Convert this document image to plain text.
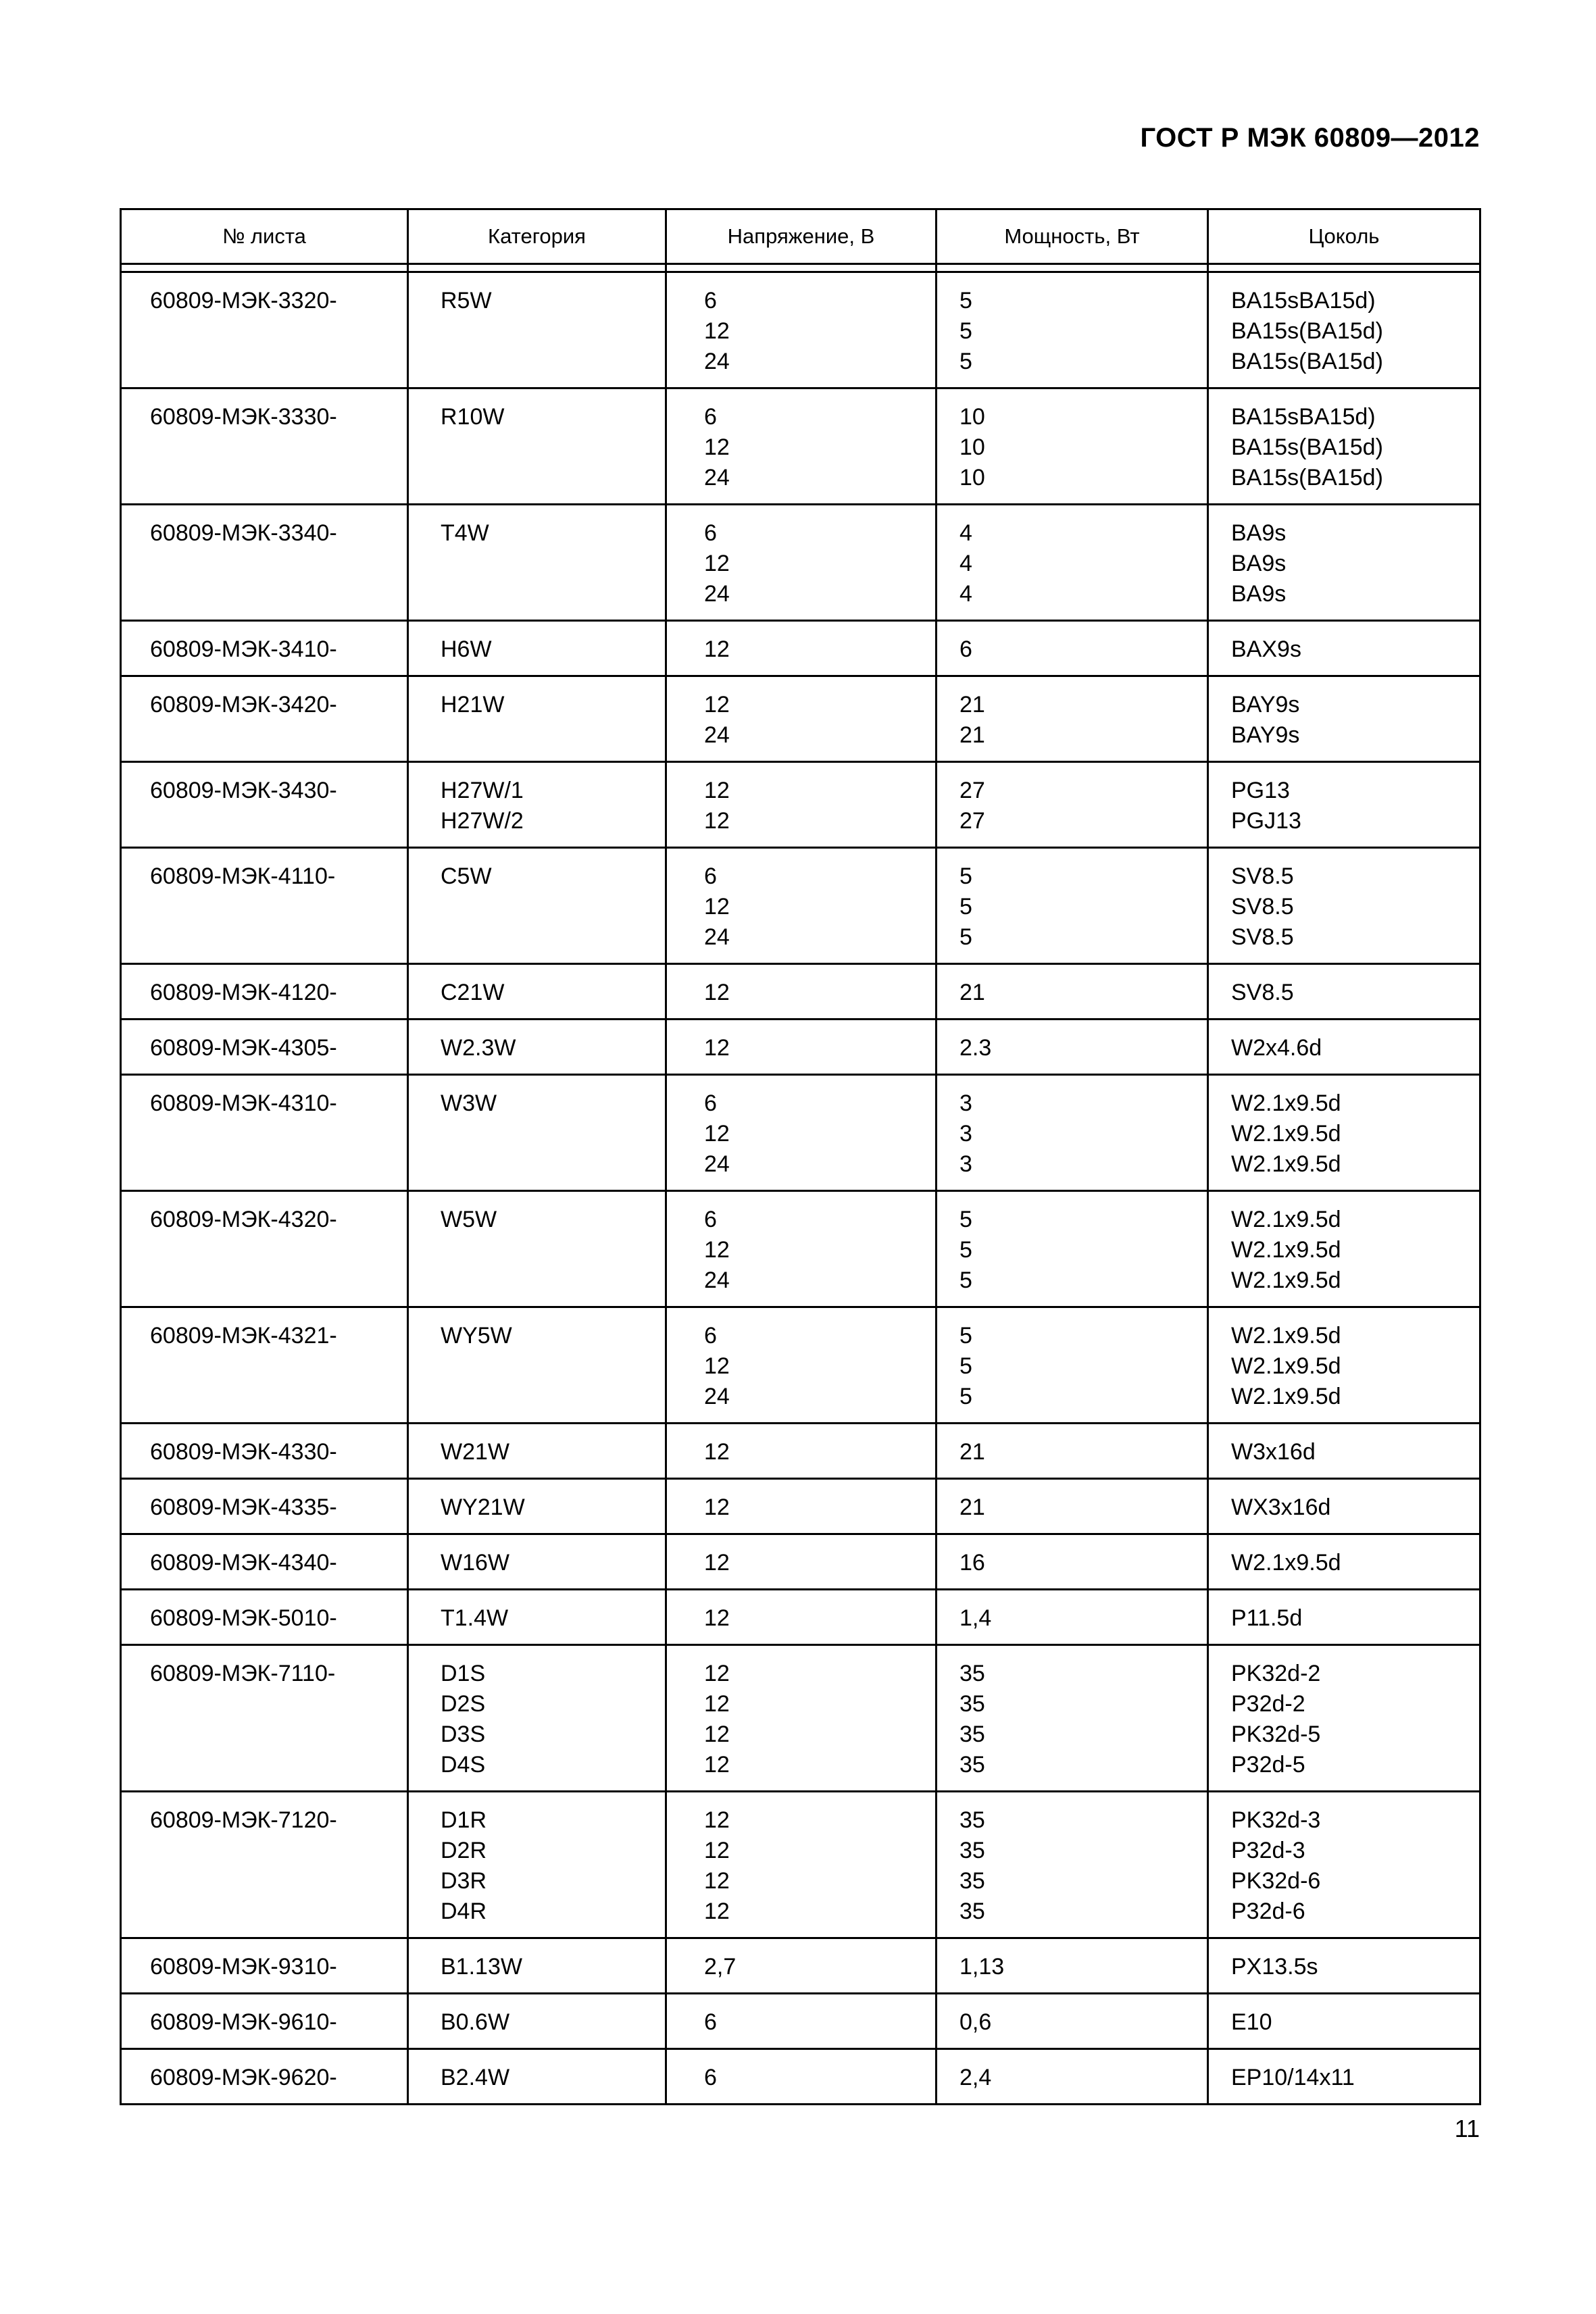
ГОСТ Р МЭК 60809—2012
№ листа	Категория	Напряжение, В	Мощность, Вт	Цоколь

60809-МЭК-3320-	R5W	6
12
24	5
5
5	BA15sBA15d)
BA15s(BA15d)
BA15s(BA15d)

60809-МЭК-3330-	R10W	6
12
24	10
10
10	BA15sBA15d)
BA15s(BA15d)
BA15s(BA15d)

60809-МЭК-3340-	T4W	6
12
24	4
4
4	BA9s
BA9s
BA9s

60809-МЭК-3410-	H6W	12	6	BAX9s

60809-МЭК-3420-	H21W	12
24	21
21	BAY9s
BAY9s

60809-МЭК-3430-	H27W/1
H27W/2	12
12	27
27	PG13
PGJ13

60809-МЭК-4110-	C5W	6
12
24	5
5
5	SV8.5
SV8.5
SV8.5

60809-МЭК-4120-	C21W	12	21	SV8.5

60809-МЭК-4305-	W2.3W	12	2.3	W2x4.6d

60809-МЭК-4310-	W3W	6
12
24	3
3
3	W2.1x9.5d
W2.1x9.5d
W2.1x9.5d

60809-МЭК-4320-	W5W	6
12
24	5
5
5	W2.1x9.5d
W2.1x9.5d
W2.1x9.5d

60809-МЭК-4321-	WY5W	6
12
24	5
5
5	W2.1x9.5d
W2.1x9.5d
W2.1x9.5d

60809-МЭК-4330-	W21W	12	21	W3x16d

60809-МЭК-4335-	WY21W	12	21	WX3x16d

60809-МЭК-4340-	W16W	12	16	W2.1x9.5d

60809-МЭК-5010-	T1.4W	12	1,4	P11.5d

60809-МЭК-7110-	D1S
D2S
D3S
D4S	12
12
12
12	35
35
35
35	PK32d-2
P32d-2
PK32d-5
P32d-5

60809-МЭК-7120-	D1R
D2R
D3R
D4R	12
12
12
12	35
35
35
35	PK32d-3
P32d-3
PK32d-6
P32d-6

60809-МЭК-9310-	B1.13W	2,7	1,13	PX13.5s

60809-МЭК-9610-	B0.6W	6	0,6	E10

60809-МЭК-9620-	B2.4W	6	2,4	EP10/14x11
11
